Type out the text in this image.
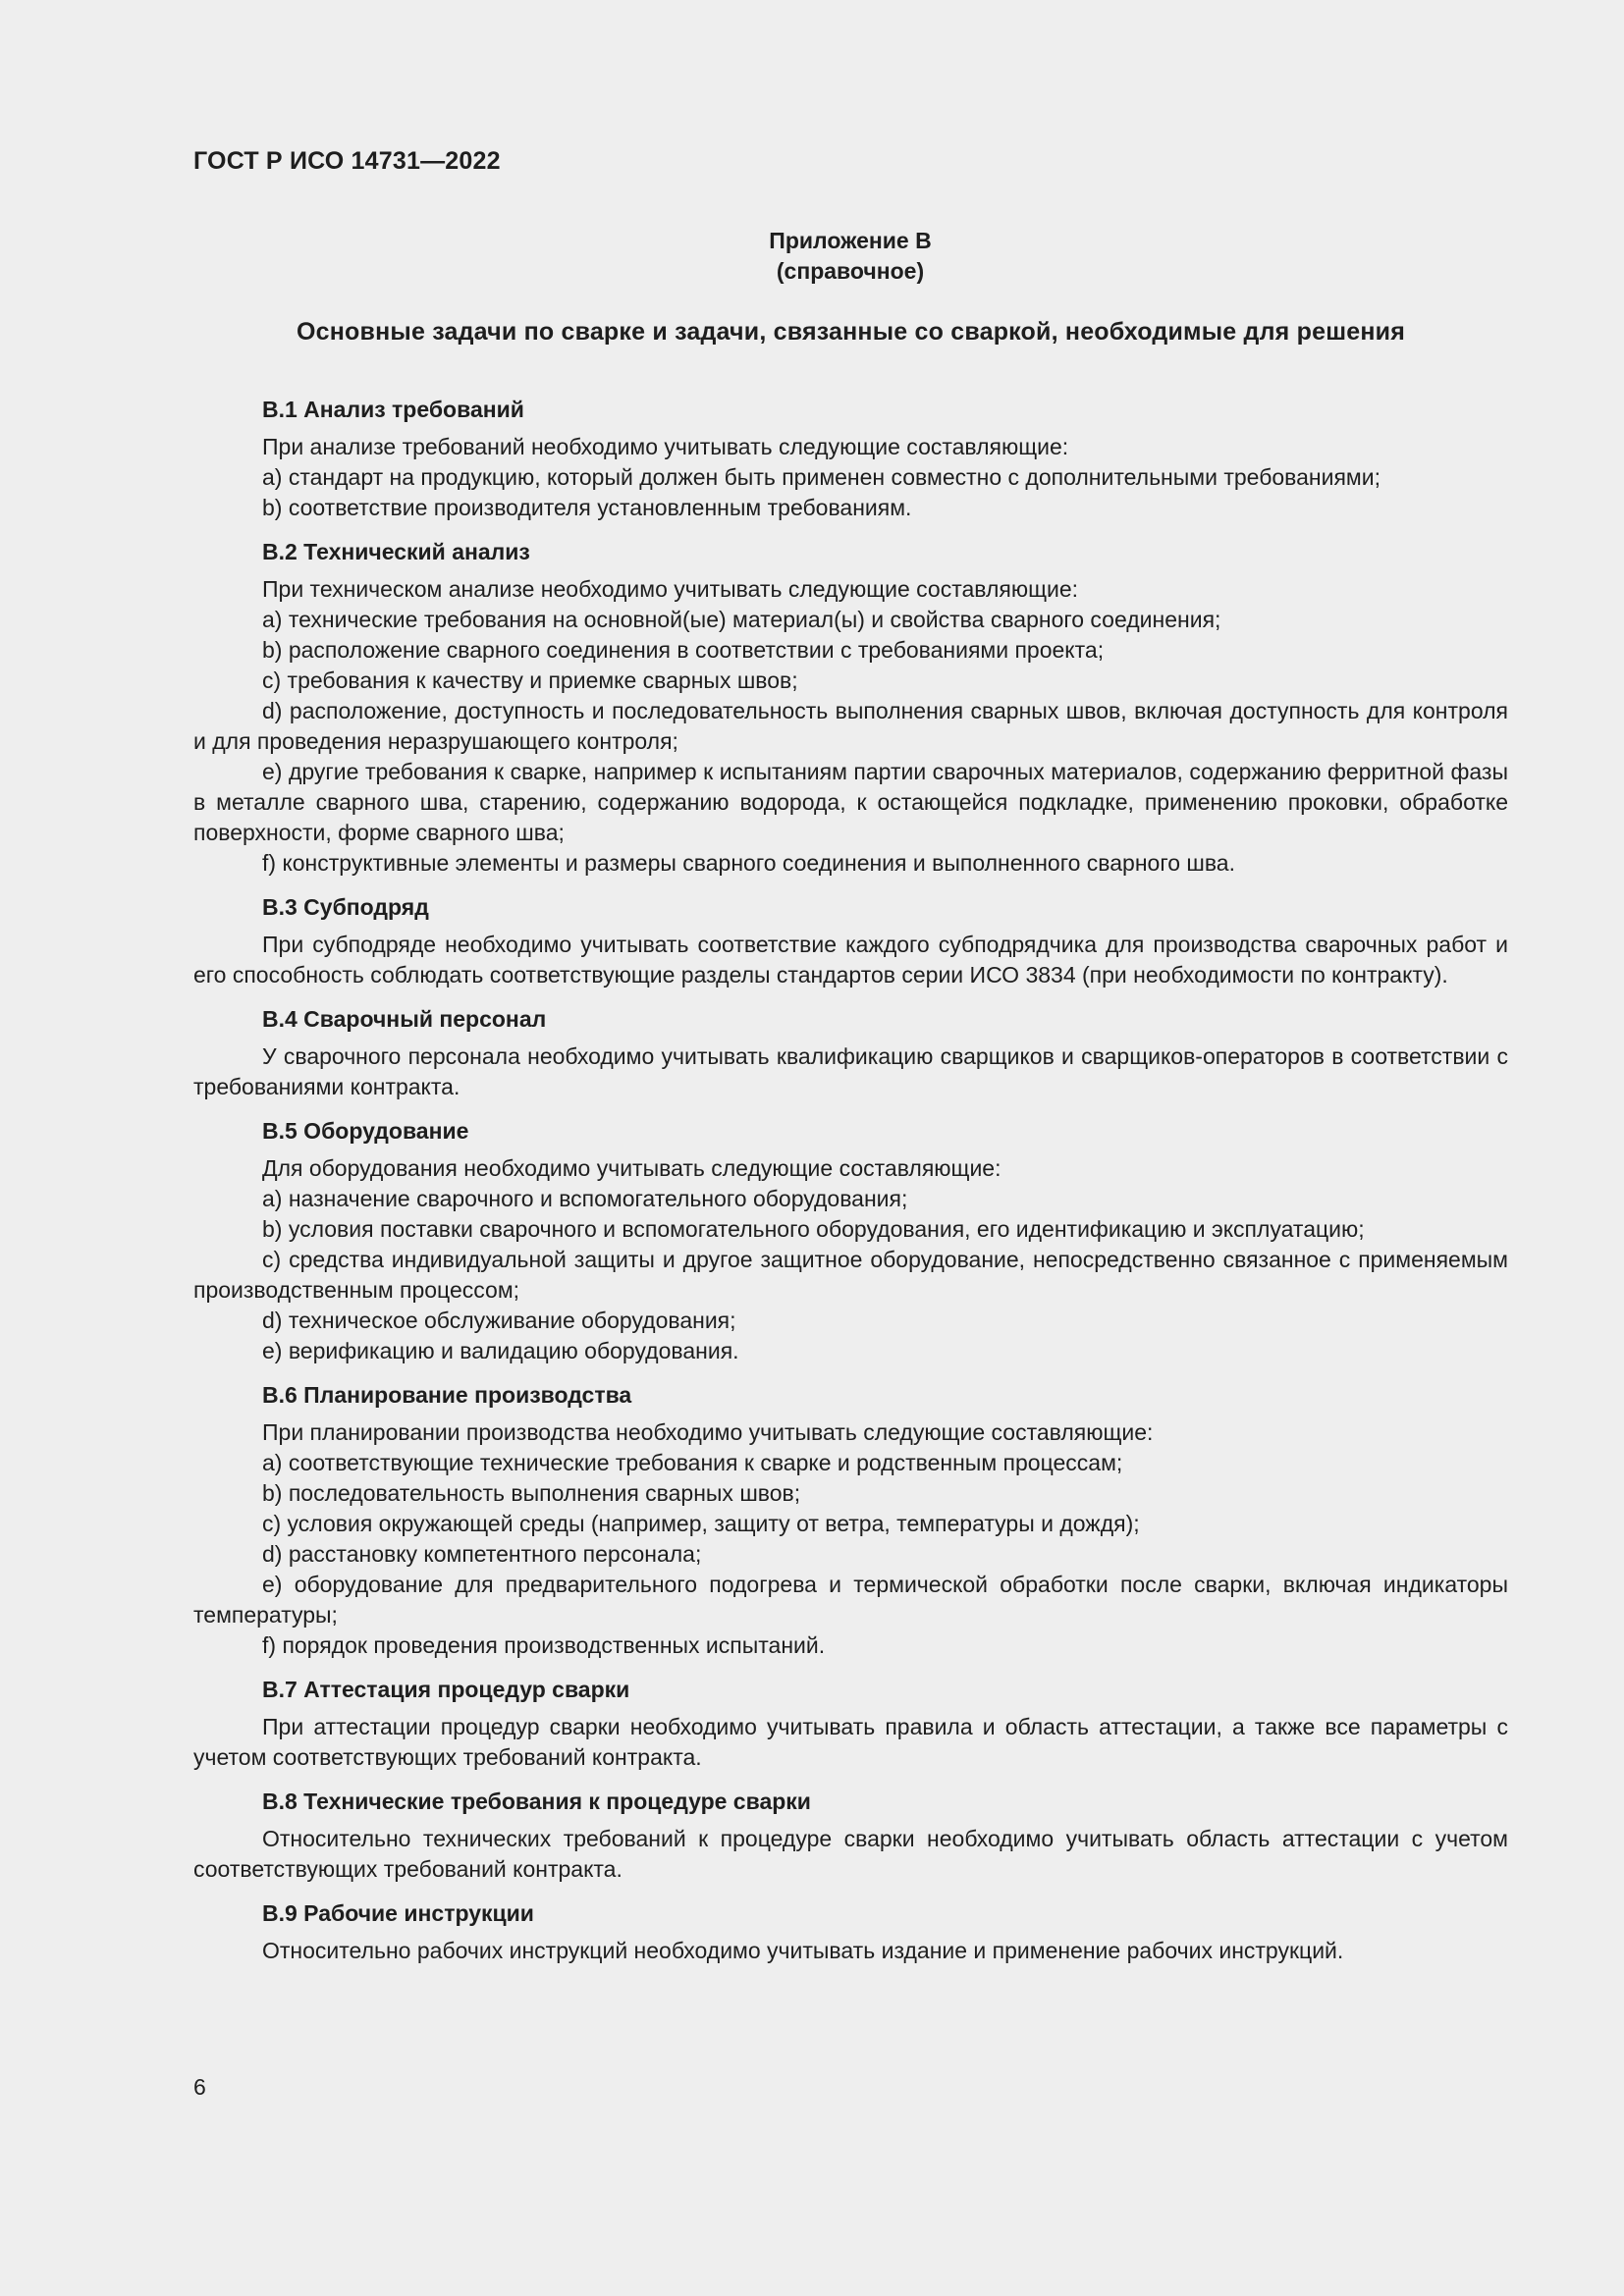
ГОСТ Р ИСО 14731—2022
Приложение B
(справочное)
Основные задачи по сварке и задачи, связанные со сваркой, необходимые для решения
B.1 Анализ требований

При анализе требований необходимо учитывать следующие составляющие:

a) стандарт на продукцию, который должен быть применен совместно с дополнительными требованиями;

b) соответствие производителя установленным требованиям.

B.2 Технический анализ

При техническом анализе необходимо учитывать следующие составляющие:

a) технические требования на основной(ые) материал(ы) и свойства сварного соединения;

b) расположение сварного соединения в соответствии с требованиями проекта;

c) требования к качеству и приемке сварных швов;

d) расположение, доступность и последовательность выполнения сварных швов, включая доступность для контроля и для проведения неразрушающего контроля;

e) другие требования к сварке, например к испытаниям партии сварочных материалов, содержанию ферритной фазы в металле сварного шва, старению, содержанию водорода, к остающейся подкладке, применению проковки, обработке поверхности, форме сварного шва;

f) конструктивные элементы и размеры сварного соединения и выполненного сварного шва.

B.3 Субподряд

При субподряде необходимо учитывать соответствие каждого субподрядчика для производства сварочных работ и его способность соблюдать соответствующие разделы стандартов серии ИСО 3834 (при необходимости по контракту).

B.4 Сварочный персонал

У сварочного персонала необходимо учитывать квалификацию сварщиков и сварщиков-операторов в соответствии с требованиями контракта.

B.5 Оборудование

Для оборудования необходимо учитывать следующие составляющие:

a) назначение сварочного и вспомогательного оборудования;

b) условия поставки сварочного и вспомогательного оборудования, его идентификацию и эксплуатацию;

c) средства индивидуальной защиты и другое защитное оборудование, непосредственно связанное с применяемым производственным процессом;

d) техническое обслуживание оборудования;

e) верификацию и валидацию оборудования.

B.6 Планирование производства

При планировании производства необходимо учитывать следующие составляющие:

a) соответствующие технические требования к сварке и родственным процессам;

b) последовательность выполнения сварных швов;

c) условия окружающей среды (например, защиту от ветра, температуры и дождя);

d) расстановку компетентного персонала;

e) оборудование для предварительного подогрева и термической обработки после сварки, включая индикаторы температуры;

f) порядок проведения производственных испытаний.

B.7 Аттестация процедур сварки

При аттестации процедур сварки необходимо учитывать правила и область аттестации, а также все параметры с учетом соответствующих требований контракта.

B.8 Технические требования к процедуре сварки

Относительно технических требований к процедуре сварки необходимо учитывать область аттестации с учетом соответствующих требований контракта.

B.9 Рабочие инструкции

Относительно рабочих инструкций необходимо учитывать издание и применение рабочих инструкций.

6
